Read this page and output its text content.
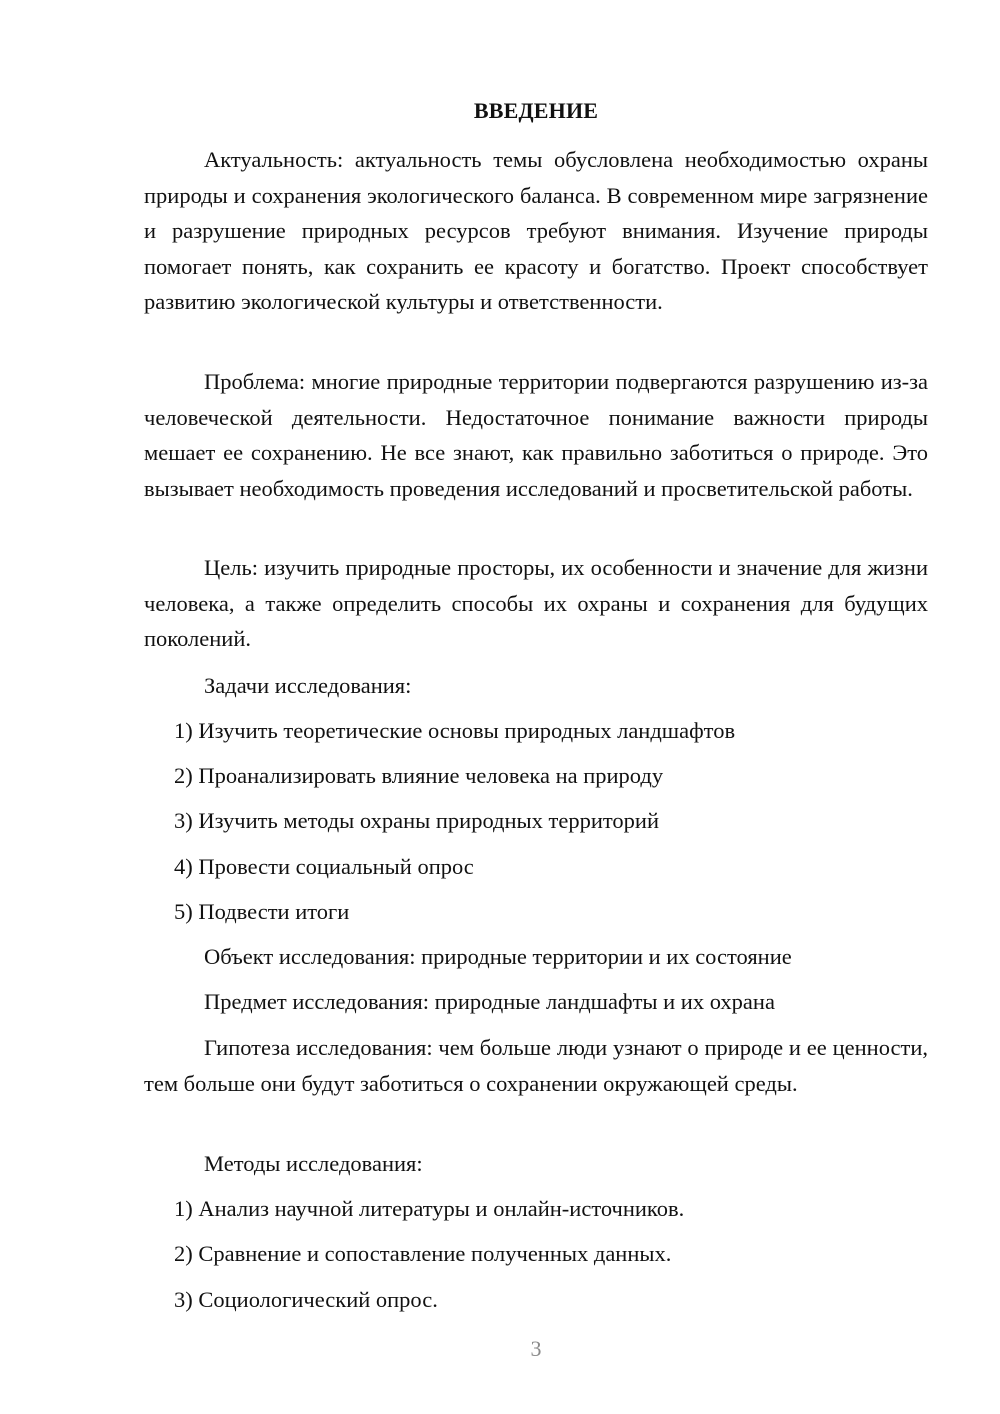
ВВЕДЕНИЕ

Актуальность: актуальность темы обусловлена необходимостью охраны природы и сохранения экологического баланса. В современном мире загрязнение и разрушение природных ресурсов требуют внимания. Изучение природы помогает понять, как сохранить ее красоту и богатство. Проект способствует развитию экологической культуры и ответственности.

Проблема: многие природные территории подвергаются разрушению из-за человеческой деятельности. Недостаточное понимание важности природы мешает ее сохранению. Не все знают, как правильно заботиться о природе. Это вызывает необходимость проведения исследований и просветительской работы.

Цель: изучить природные просторы, их особенности и значение для жизни человека, а также определить способы их охраны и сохранения для будущих поколений.

Задачи исследования:

1) Изучить теоретические основы природных ландшафтов

2) Проанализировать влияние человека на природу

3) Изучить методы охраны природных территорий

4) Провести социальный опрос

5) Подвести итоги

Объект исследования: природные территории и их состояние

Предмет исследования: природные ландшафты и их охрана

Гипотеза исследования: чем больше люди узнают о природе и ее ценности, тем больше они будут заботиться о сохранении окружающей среды.

Методы исследования:

1) Анализ научной литературы и онлайн-источников.

2) Сравнение и сопоставление полученных данных.

3) Социологический опрос.

3
